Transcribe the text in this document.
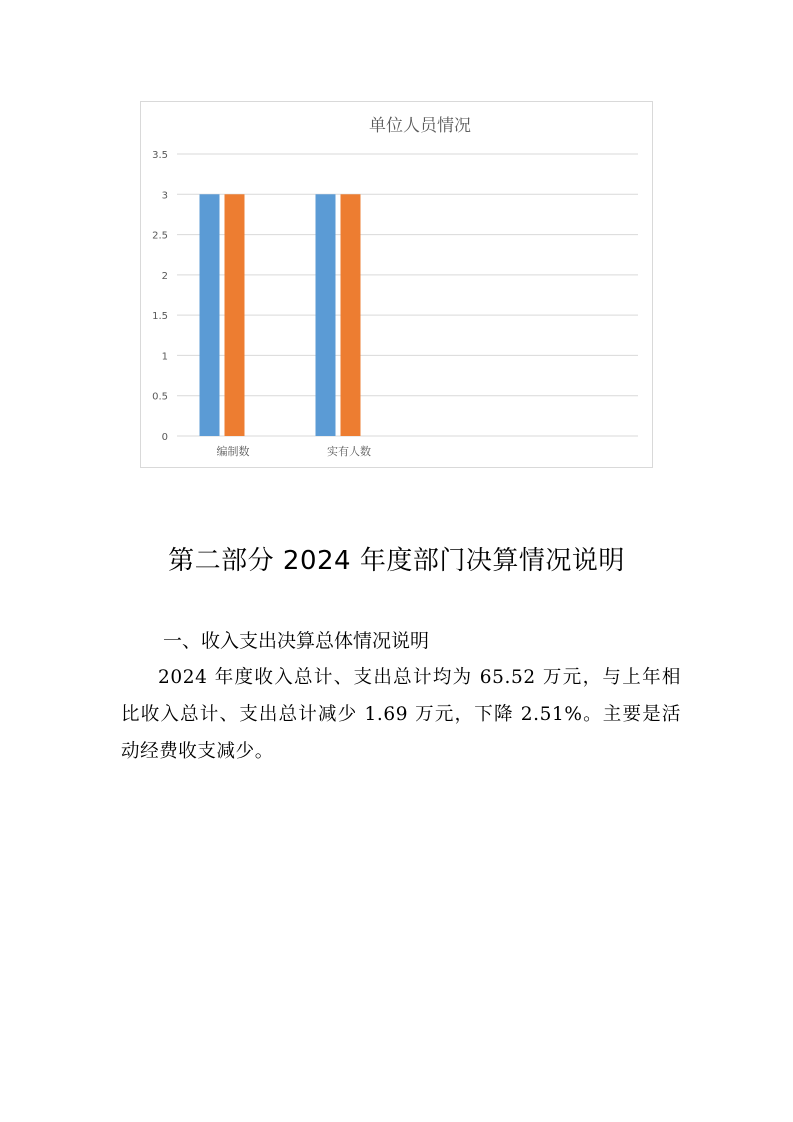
单位人员情况
0
0.5
1
1.5
2
2.5
3
3.5
编制数	实有人数
第二部分 2024 年度部门决算情况说明
一、收入支出决算总体情况说明

2024 年度收入总计、支出总计均为 65.52 万元，与上年相比收入总计、支出总计减少 1.69 万元，下降 2.51%。主要是活动经费收支减少。
